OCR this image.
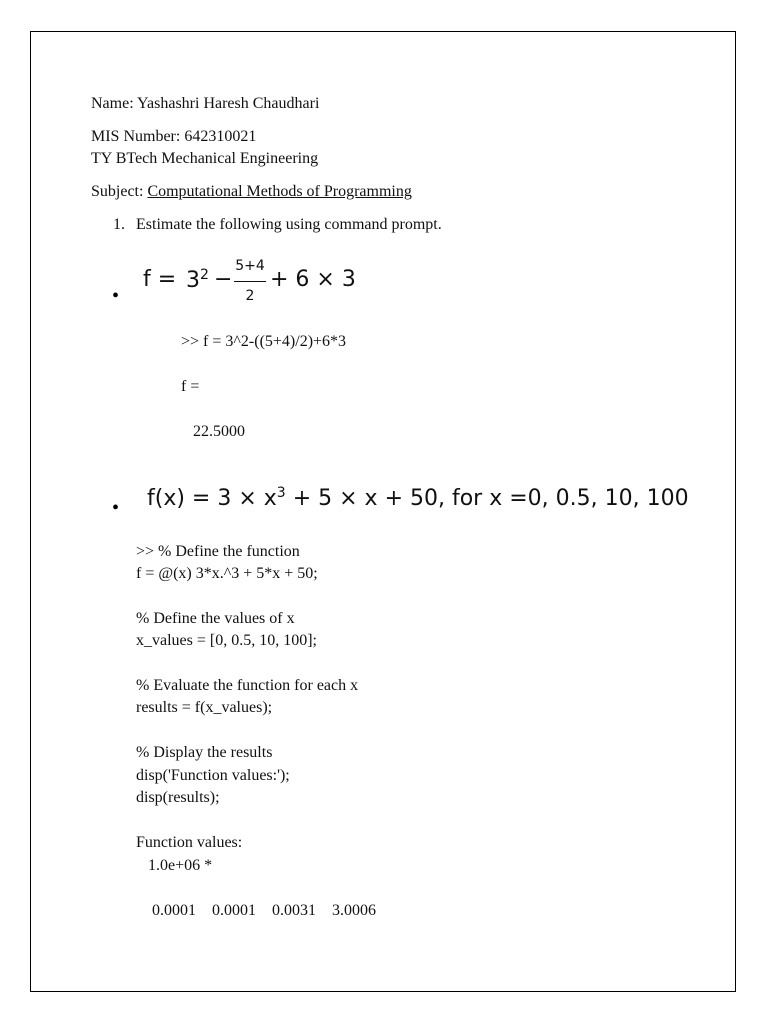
Name: Yashashri Haresh Chaudhari

MIS Number: 642310021

TY BTech Mechanical Engineering

Subject: Computational Methods of Programming

1. Estimate the following using command prompt.

•
$f = 3^2$ −
5+4
2
+ 6 × 3

>> f = 3^2-((5+4)/2)+6*3

f =

22.5000

• $f(x) = 3 \times x^3 + 5 \times x + 50$, for x =0, 0.5, 10, 100

>> % Define the function

f = @(x) 3*x.^3 + 5*x + 50;

% Define the values of x

x_values = [0, 0.5, 10, 100];

% Evaluate the function for each x

results = f(x_values);

% Display the results

disp('Function values:');

disp(results);

Function values:

1.0e+06 *

0.0001    0.0001    0.0031    3.0006
